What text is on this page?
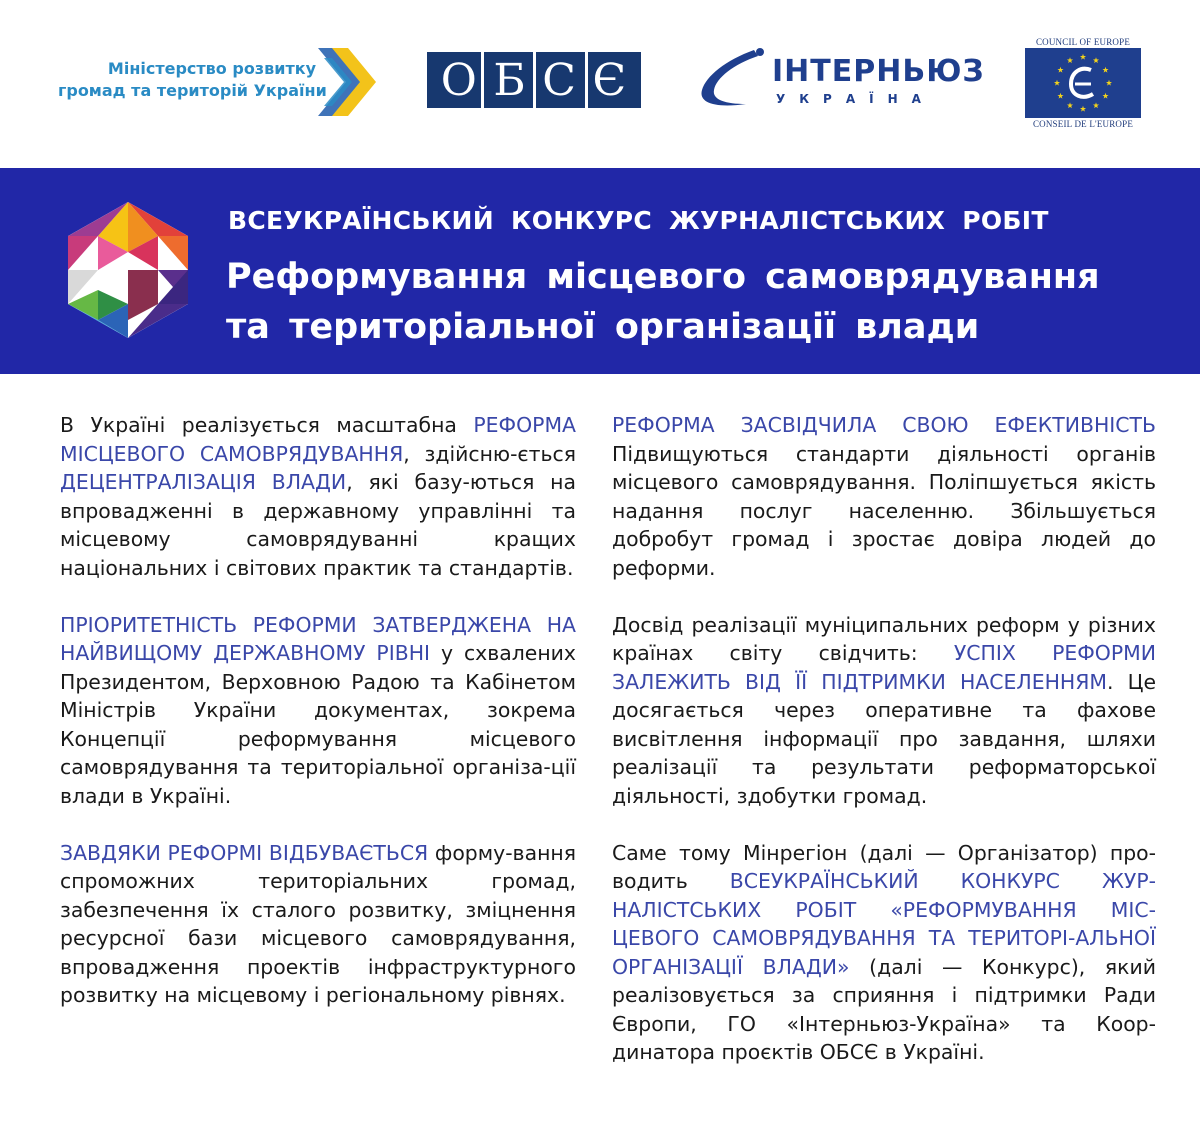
Міністерство розвитку
громад та територій України	О Б С Є	ІНТЕРНЬЮЗ
УКРАЇНА
COUNCIL OF EUROPE
CONSEIL DE L'EUROPE
ВСЕУКРАЇНСЬКИЙ КОНКУРС ЖУРНАЛІСТСЬКИХ РОБІТ
Реформування місцевого самоврядування
та територіальної організації влади

В Україні реалізується масштабна РЕФОРМА МІСЦЕВОГО САМОВРЯДУВАННЯ, здійсню-ється ДЕЦЕНТРАЛІЗАЦІЯ ВЛАДИ, які базу-ються на впровадженні в державному управлінні та місцевому самоврядуванні кращих національних і світових практик та стандартів.

ПРІОРИТЕТНІСТЬ РЕФОРМИ ЗАТВЕРДЖЕНА НА НАЙВИЩОМУ ДЕРЖАВНОМУ РІВНІ у схвалених Президентом, Верховною Радою та Кабінетом Міністрів України документах, зокрема Концепції реформування місцевого самоврядування та територіальної організа-ції влади в Україні.

ЗАВДЯКИ РЕФОРМІ ВІДБУВАЄТЬСЯ форму-вання спроможних територіальних громад, забезпечення їх сталого розвитку, зміцнення ресурсної бази місцевого самоврядування, впровадження проектів інфраструктурного розвитку на місцевому і регіональному рівнях.

РЕФОРМА ЗАСВІДЧИЛА СВОЮ ЕФЕКТИВНІСТЬ Підвищуються стандарти діяльності органів місцевого самоврядування. Поліпшується якість надання послуг населенню. Збільшується добробут громад і зростає довіра людей до реформи.

Досвід реалізації муніципальних реформ у різних країнах світу свідчить: УСПІХ РЕФОРМИ ЗАЛЕЖИТЬ ВІД ЇЇ ПІДТРИМКИ НАСЕЛЕННЯМ. Це досягається через оперативне та фахове висвітлення інформації про завдання, шляхи реалізації та результати реформаторської діяльності, здобутки громад.

Саме тому Мінрегіон (далі — Організатор) про-водить ВСЕУКРАЇНСЬКИЙ КОНКУРС ЖУР-НАЛІСТСЬКИХ РОБІТ «РЕФОРМУВАННЯ МІС-ЦЕВОГО САМОВРЯДУВАННЯ ТА ТЕРИТОРІ-АЛЬНОЇ ОРГАНІЗАЦІЇ ВЛАДИ» (далі — Конкурс), який реалізовується за сприяння і підтримки Ради Європи, ГО «Інтерньюз-Україна» та Коор-динатора проєктів ОБСЄ в Україні.
